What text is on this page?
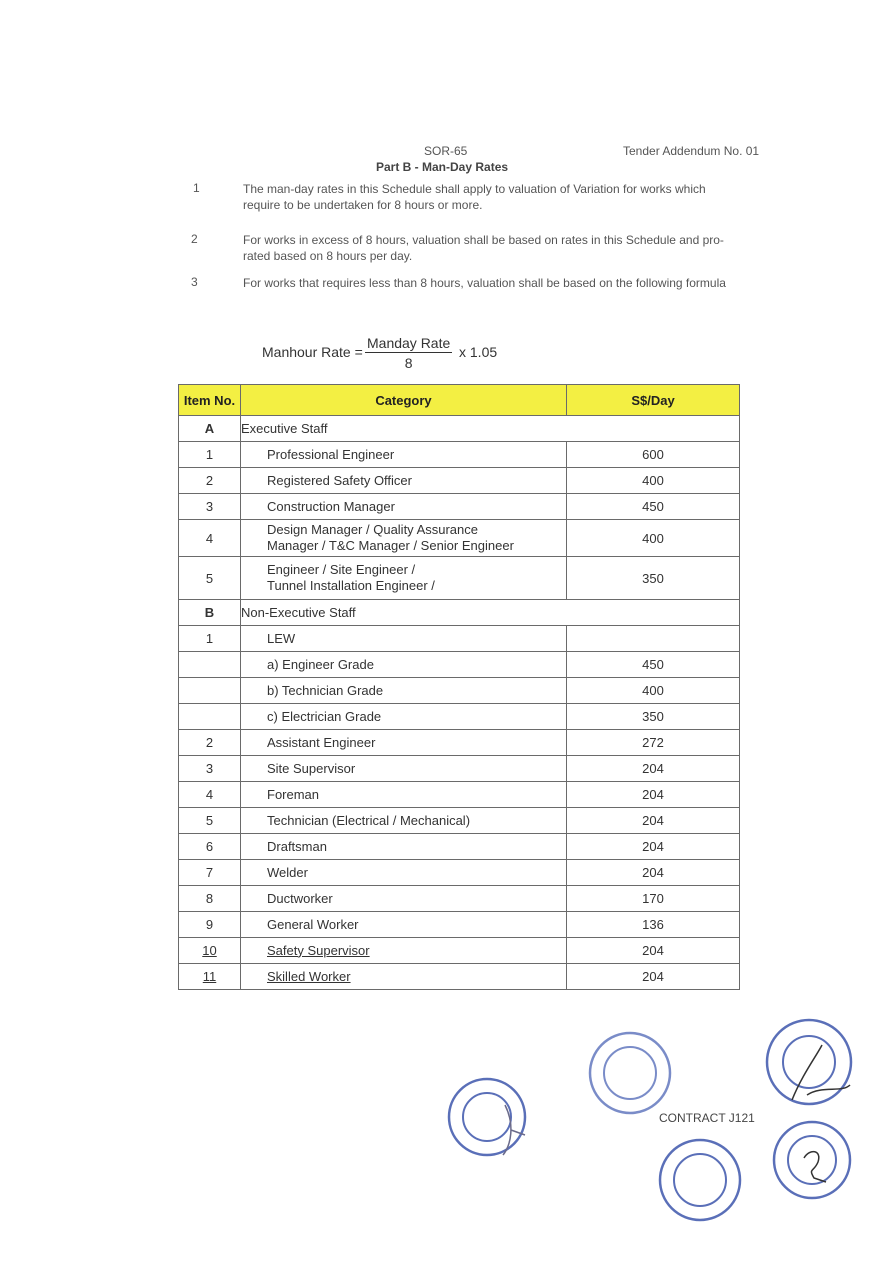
SOR-65	Tender Addendum No. 01
Part B - Man-Day Rates
1	The man-day rates in this Schedule shall apply to valuation of Variation for works which require to be undertaken for 8 hours or more.
2	For works in excess of 8 hours, valuation shall be based on rates in this Schedule and pro-rated based on 8 hours per day.
3	For works that requires less than 8 hours, valuation shall be based on the following formula
Manhour Rate =
Manday Rate
8
x 1.05
Item No.	Category	S$/Day
A	Executive Staff	
1	Professional Engineer	600
2	Registered Safety Officer	400
3	Construction Manager	450
4	Design Manager / Quality Assurance
Manager / T&C Manager / Senior Engineer	400
5	Engineer / Site Engineer /
Tunnel Installation Engineer /	350
B	Non-Executive Staff	
1	LEW	

	a) Engineer Grade	450

	b) Technician Grade	400

	c) Electrician Grade	350
2	Assistant Engineer	272
3	Site Supervisor	204
4	Foreman	204
5	Technician (Electrical / Mechanical)	204
6	Draftsman	204
7	Welder	204
8	Ductworker	170
9	General Worker	136
10	Safety Supervisor	204
11	Skilled Worker	204
CONTRACT J121
